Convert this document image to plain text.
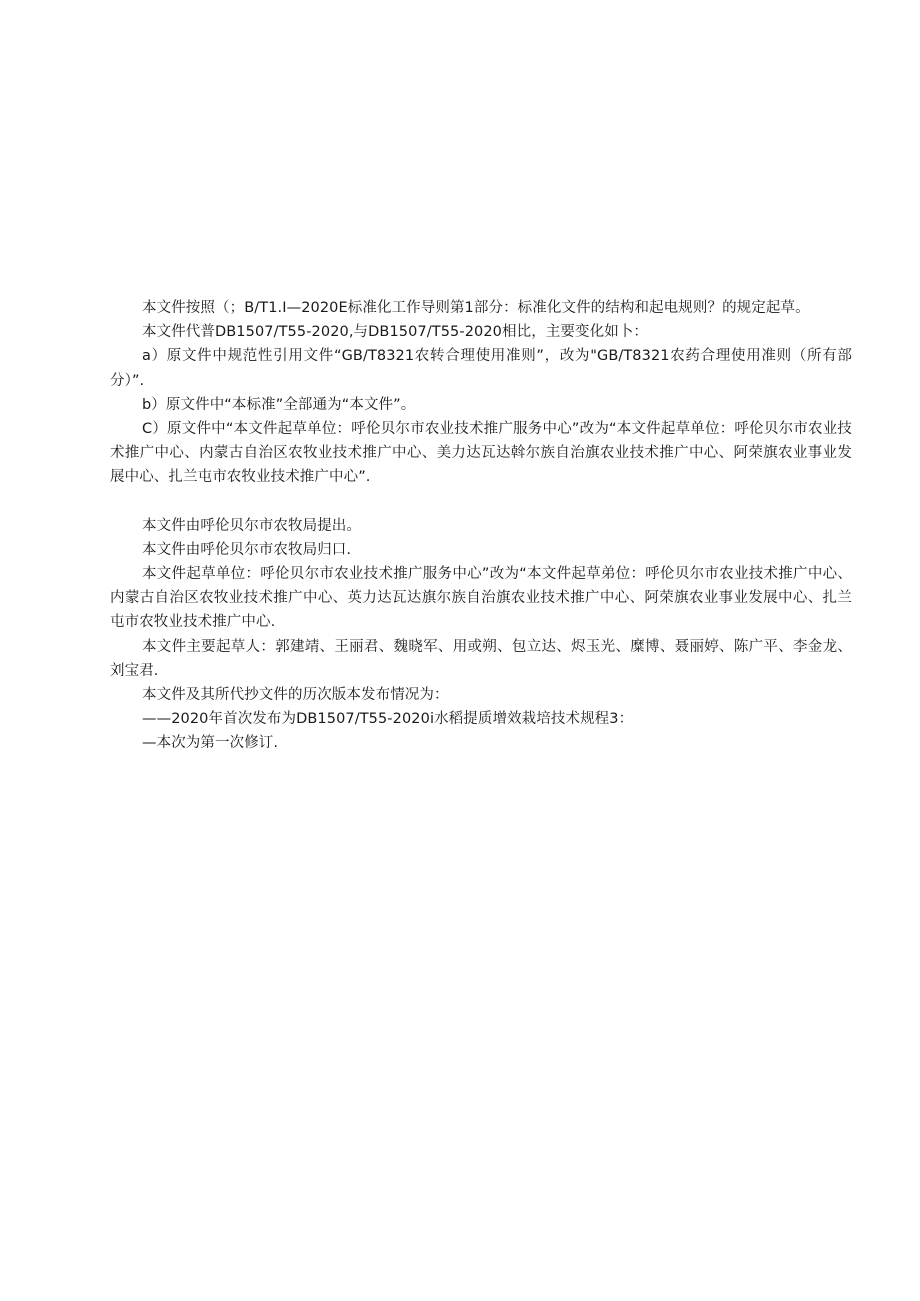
本文件按照（；B/T1.I—2020E标准化工作导则第1部分：标准化文件的结构和起电规则？的规定起草。

本文件代普DB1507/T55-2020,与DB1507/T55-2020相比，主要变化如卜：

a）原文件中规范性引用文件“GB/T8321农转合理使用准则”，改为"GB/T8321农药合理使用准则（所有部分）”.

b）原文件中“本标准”全部通为“本文件”。

C）原文件中“本文件起草单位：呼伦贝尔市农业技术推广服务中心”改为“本文件起草单位：呼伦贝尔市农业技术推广中心、内蒙古自治区农牧业技术推广中心、美力达瓦达斡尔族自治旗农业技术推广中心、阿荣旗农业事业发展中心、扎兰屯市农牧业技术推广中心”.

本文件由呼伦贝尔市农牧局提出。

本文件由呼伦贝尔市农牧局归口.

本文件起草单位：呼伦贝尔市农业技术推广服务中心”改为“本文件起草弟位：呼伦贝尔市农业技术推广中心、内蒙古自治区农牧业技术推广中心、英力达瓦达旗尔族自治旗农业技术推广中心、阿荣旗农业事业发展中心、扎兰屯市农牧业技术推广中心.

本文件主要起草人：郭建靖、王丽君、魏晓军、用或朔、包立达、烬玉光、糜博、聂丽婷、陈广平、李金龙、刘宝君.

本文件及其所代抄文件的历次版本发布情况为：

——2020年首次发布为DB1507/T55-2020i水稻提质增效栽培技术规程3：

—本次为第一次修订.
